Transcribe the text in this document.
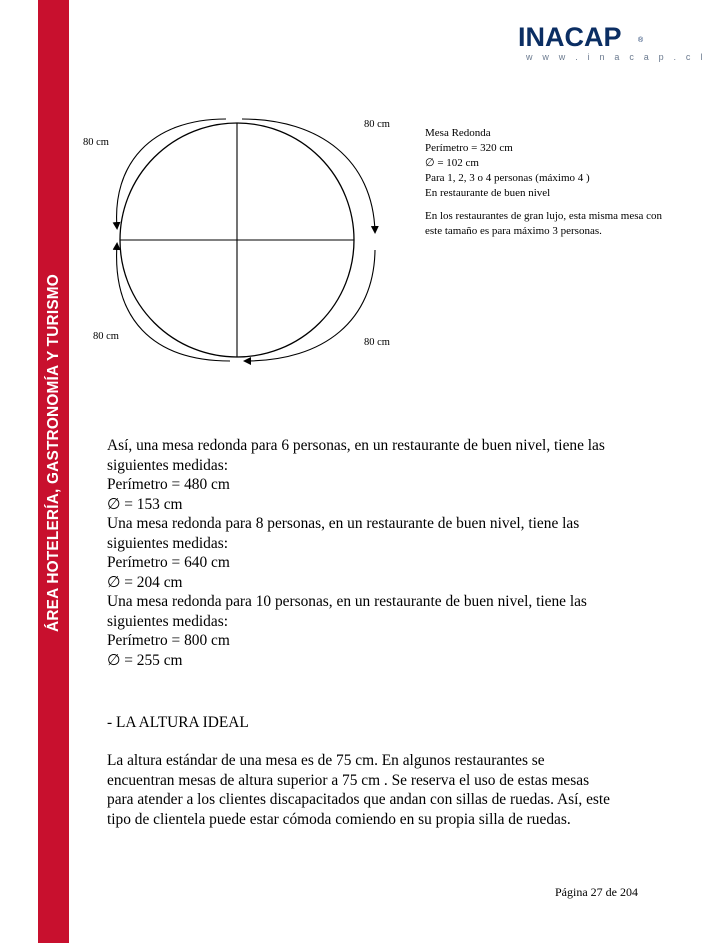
ÁREA HOTELERÍA, GASTRONOMÍA Y TURISMO
INACAP ®
w w w . i n a c a p . c l
80 cm
80 cm
80 cm
80 cm
Mesa Redonda
Perímetro = 320 cm
∅ = 102 cm
Para 1, 2, 3 o 4 personas (máximo 4 )
En restaurante de buen nivel
En los restaurantes de gran lujo, esta misma mesa con este tamaño es para máximo 3 personas.
Así, una mesa redonda para 6 personas, en un restaurante de buen nivel, tiene las
siguientes medidas:
Perímetro = 480 cm
∅ = 153 cm
Una mesa redonda para 8 personas, en un restaurante de buen nivel, tiene las
siguientes medidas:
Perímetro = 640 cm
∅ = 204 cm
Una mesa redonda para 10 personas, en un restaurante de buen nivel, tiene las
siguientes medidas:
Perímetro = 800 cm
∅ = 255 cm
- LA ALTURA IDEAL
La altura estándar de una mesa es de 75 cm. En algunos restaurantes se
encuentran mesas de altura superior a 75 cm . Se reserva el uso de estas mesas
para atender a los clientes discapacitados que andan con sillas de ruedas. Así, este
tipo de clientela puede estar cómoda comiendo en su propia silla de ruedas.
Página 27 de 204
